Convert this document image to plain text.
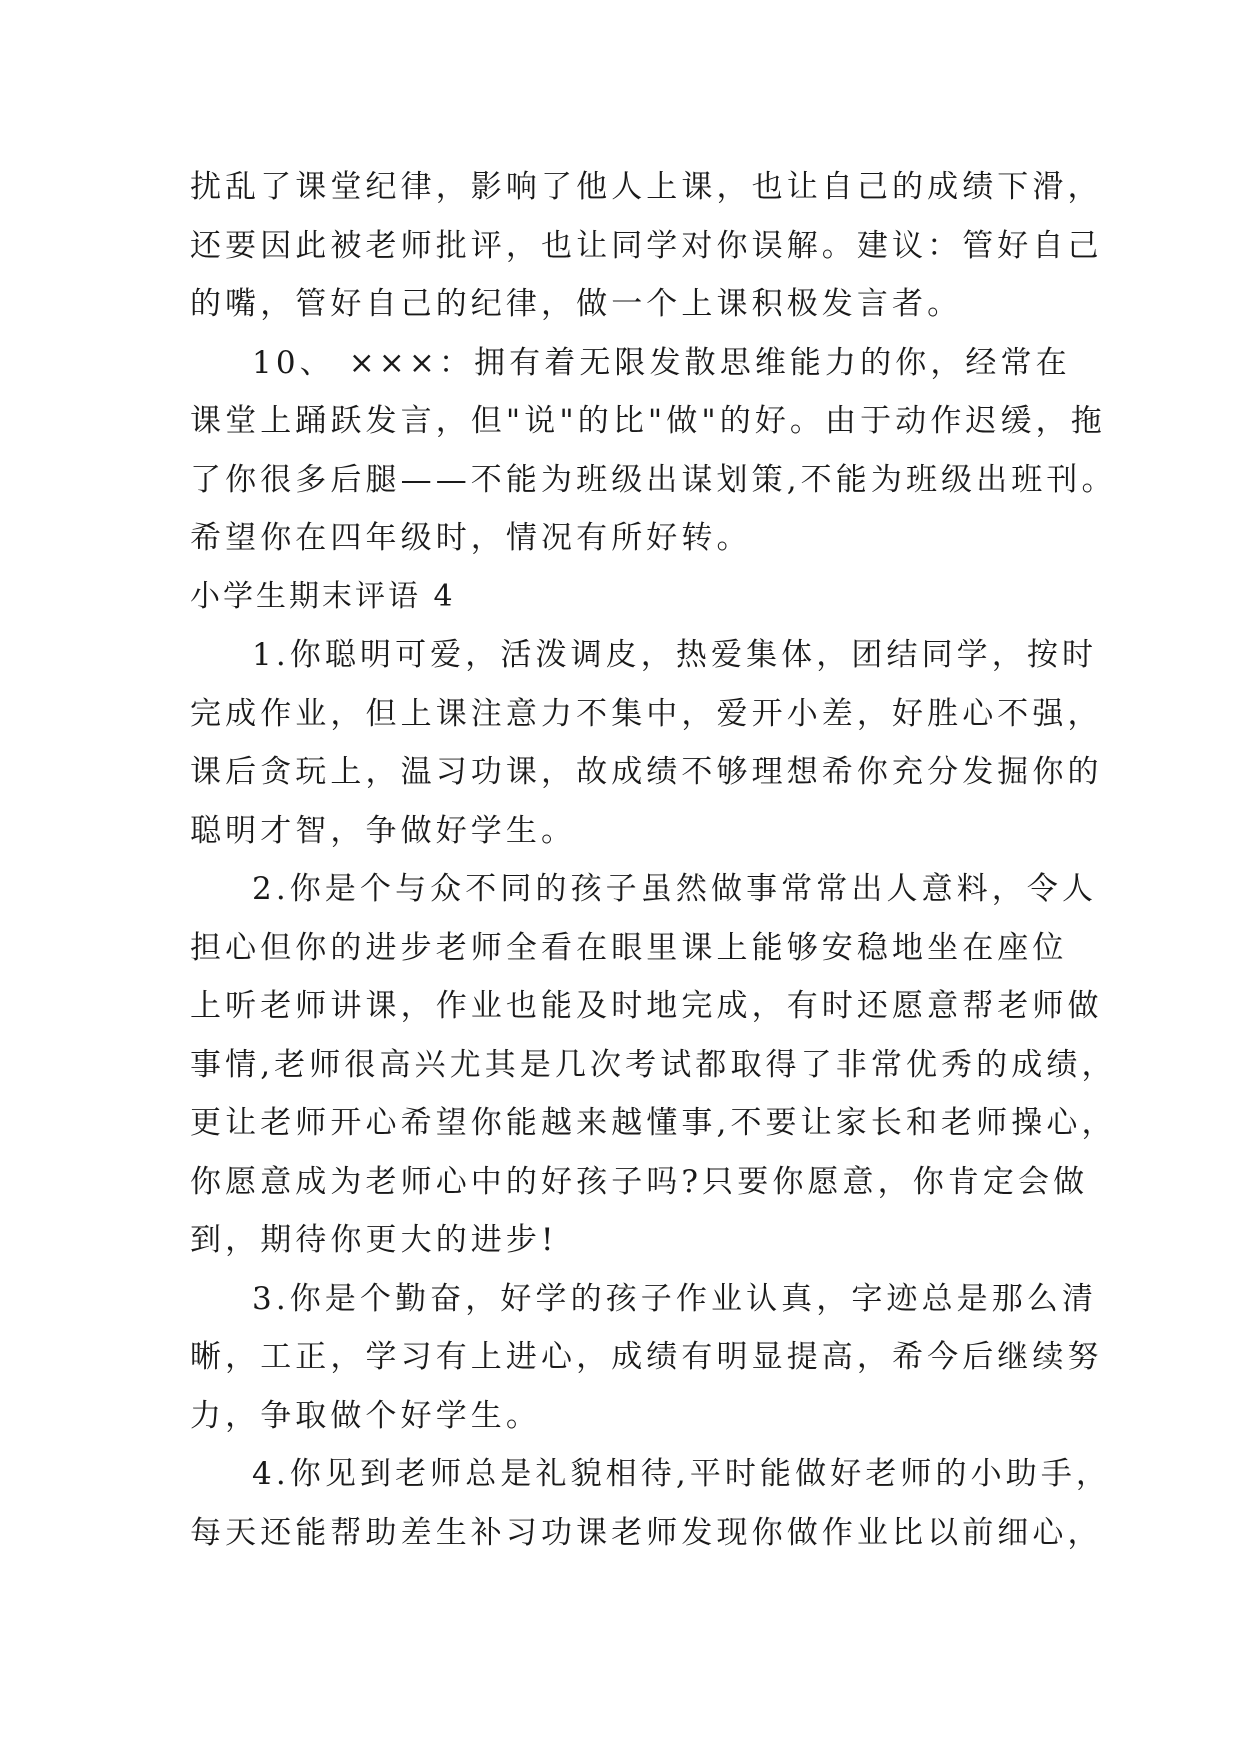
扰乱了课堂纪律，影响了他人上课，也让自己的成绩下滑，
还要因此被老师批评，也让同学对你误解。建议：管好自己
的嘴，管好自己的纪律，做一个上课积极发言者。
10、 ×××：拥有着无限发散思维能力的你，经常在
课堂上踊跃发言，但"说"的比"做"的好。由于动作迟缓，拖
了你很多后腿——不能为班级出谋划策,不能为班级出班刊。
希望你在四年级时，情况有所好转。
小学生期末评语 4
1.你聪明可爱，活泼调皮，热爱集体，团结同学，按时
完成作业，但上课注意力不集中，爱开小差，好胜心不强，
课后贪玩上，温习功课，故成绩不够理想希你充分发掘你的
聪明才智，争做好学生。
2.你是个与众不同的孩子虽然做事常常出人意料，令人
担心但你的进步老师全看在眼里课上能够安稳地坐在座位
上听老师讲课，作业也能及时地完成，有时还愿意帮老师做
事情,老师很高兴尤其是几次考试都取得了非常优秀的成绩，
更让老师开心希望你能越来越懂事,不要让家长和老师操心，
你愿意成为老师心中的好孩子吗?只要你愿意，你肯定会做
到，期待你更大的进步!
3.你是个勤奋，好学的孩子作业认真，字迹总是那么清
晰，工正，学习有上进心，成绩有明显提高，希今后继续努
力，争取做个好学生。
4.你见到老师总是礼貌相待,平时能做好老师的小助手，
每天还能帮助差生补习功课老师发现你做作业比以前细心，
